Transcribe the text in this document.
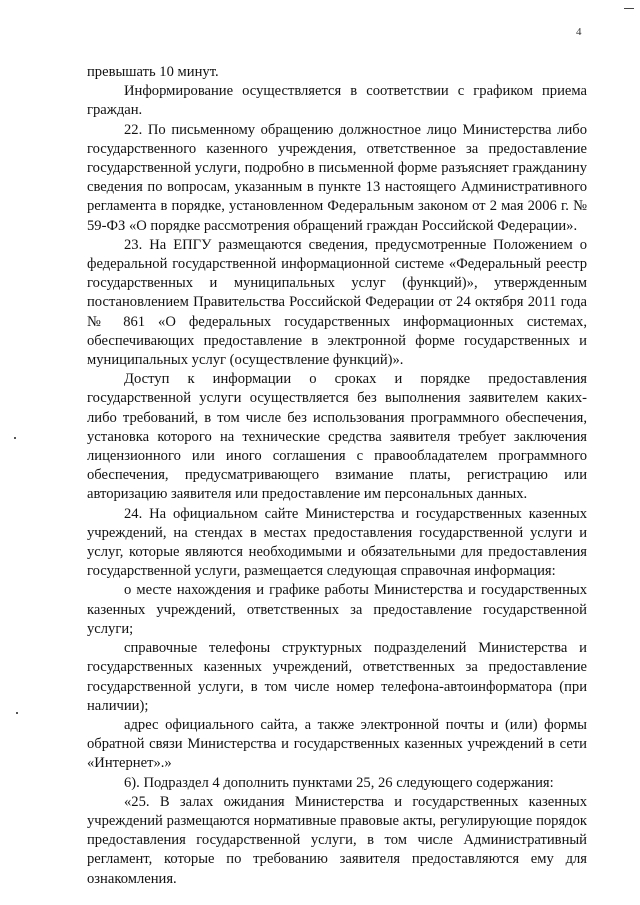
4

превышать 10 минут.

Информирование осуществляется в соответствии с графиком приема граждан.

22. По письменному обращению должностное лицо Министерства либо государственного казенного учреждения, ответственное за предоставление государственной услуги, подробно в письменной форме разъясняет гражданину сведения по вопросам, указанным в пункте 13 настоящего Административного регламента в порядке, установленном Федеральным законом от 2 мая 2006 г. № 59-ФЗ «О порядке рассмотрения обращений граждан Российской Федерации».

23. На ЕПГУ размещаются сведения, предусмотренные Положением о федеральной государственной информационной системе «Федеральный реестр государственных и муниципальных услуг (функций)», утвержденным постановлением Правительства Российской Федерации от 24 октября 2011 года № 861 «О федеральных государственных информационных системах, обеспечивающих предоставление в электронной форме государственных и муниципальных услуг (осуществление функций)».

Доступ к информации о сроках и порядке предоставления государственной услуги осуществляется без выполнения заявителем каких-либо требований, в том числе без использования программного обеспечения, установка которого на технические средства заявителя требует заключения лицензионного или иного соглашения с правообладателем программного обеспечения, предусматривающего взимание платы, регистрацию или авторизацию заявителя или предоставление им персональных данных.

24. На официальном сайте Министерства и государственных казенных учреждений, на стендах в местах предоставления государственной услуги и услуг, которые являются необходимыми и обязательными для предоставления государственной услуги, размещается следующая справочная информация:

о месте нахождения и графике работы Министерства и государственных казенных учреждений, ответственных за предоставление государственной услуги;

справочные телефоны структурных подразделений Министерства и государственных казенных учреждений, ответственных за предоставление государственной услуги, в том числе номер телефона-автоинформатора (при наличии);

адрес официального сайта, а также электронной почты и (или) формы обратной связи Министерства и государственных казенных учреждений в сети «Интернет».»

6). Подраздел 4 дополнить пунктами 25, 26 следующего содержания:

«25. В залах ожидания Министерства и государственных казенных учреждений размещаются нормативные правовые акты, регулирующие порядок предоставления государственной услуги, в том числе Административный регламент, которые по требованию заявителя предоставляются ему для ознакомления.
